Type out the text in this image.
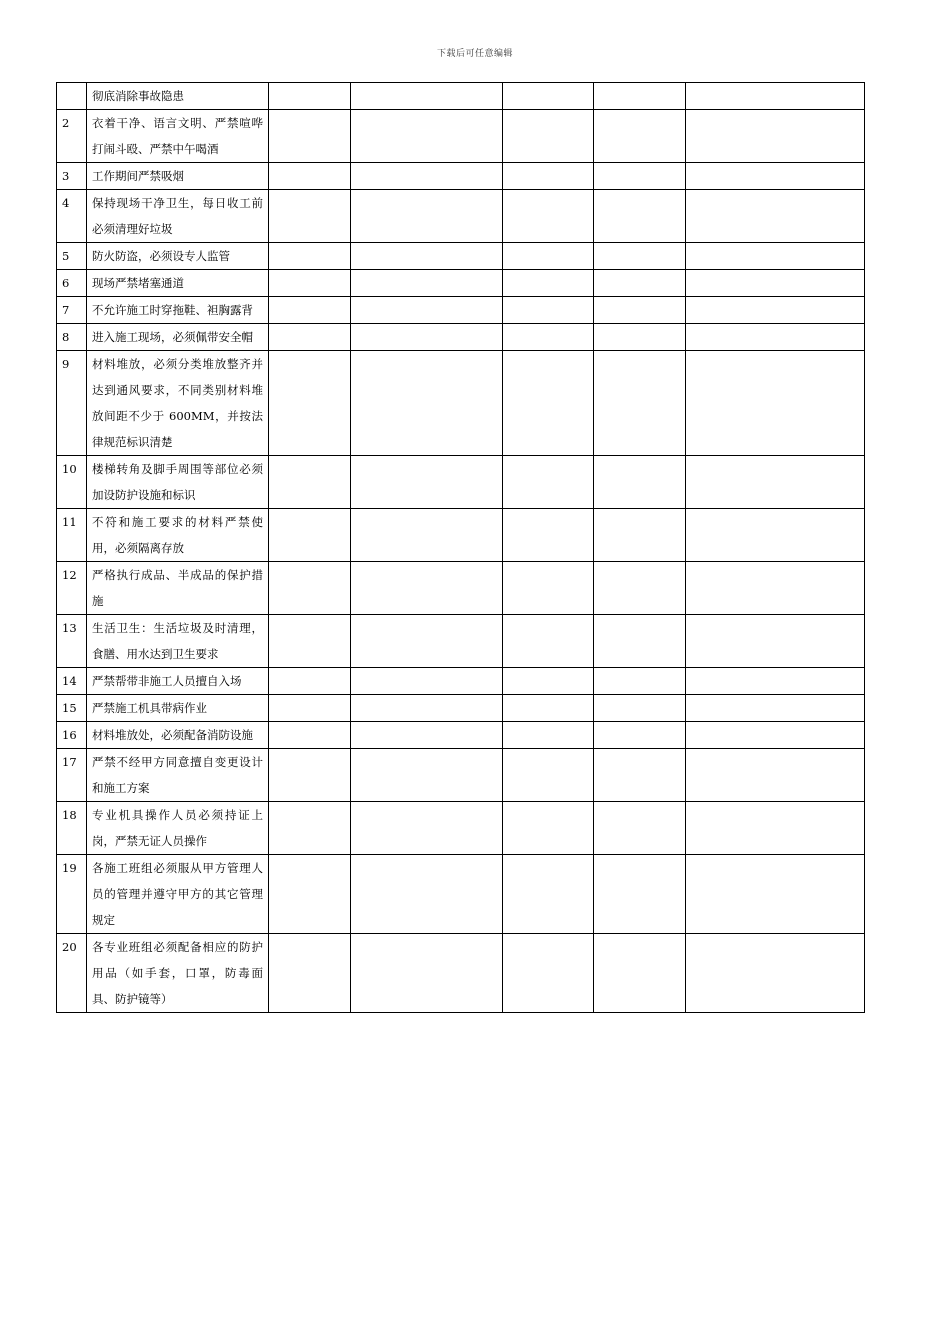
下载后可任意编辑
	彻底消除事故隐患					
2	衣着干净、语言文明、严禁喧哗打闹斗殴、严禁中午喝酒					
3	工作期间严禁吸烟					
4	保持现场干净卫生，每日收工前必须清理好垃圾					
5	防火防盗，必须设专人监管					
6	现场严禁堵塞通道					
7	不允许施工时穿拖鞋、袒胸露背					
8	进入施工现场，必须佩带安全帽					
9	材料堆放，必须分类堆放整齐并达到通风要求，不同类别材料堆放间距不少于 600MM，并按法律规范标识清楚					
10	楼梯转角及脚手周围等部位必须加设防护设施和标识					
11	不符和施工要求的材料严禁使用，必须隔离存放					
12	严格执行成品、半成品的保护措施					
13	生活卫生：生活垃圾及时清理，食膳、用水达到卫生要求					
14	严禁帮带非施工人员擅自入场					
15	严禁施工机具带病作业					
16	材料堆放处，必须配备消防设施					
17	严禁不经甲方同意擅自变更设计和施工方案					
18	专业机具操作人员必须持证上岗，严禁无证人员操作					
19	各施工班组必须服从甲方管理人员的管理并遵守甲方的其它管理规定					
20	各专业班组必须配备相应的防护用品（如手套，口罩，防毒面具、防护镜等）					
